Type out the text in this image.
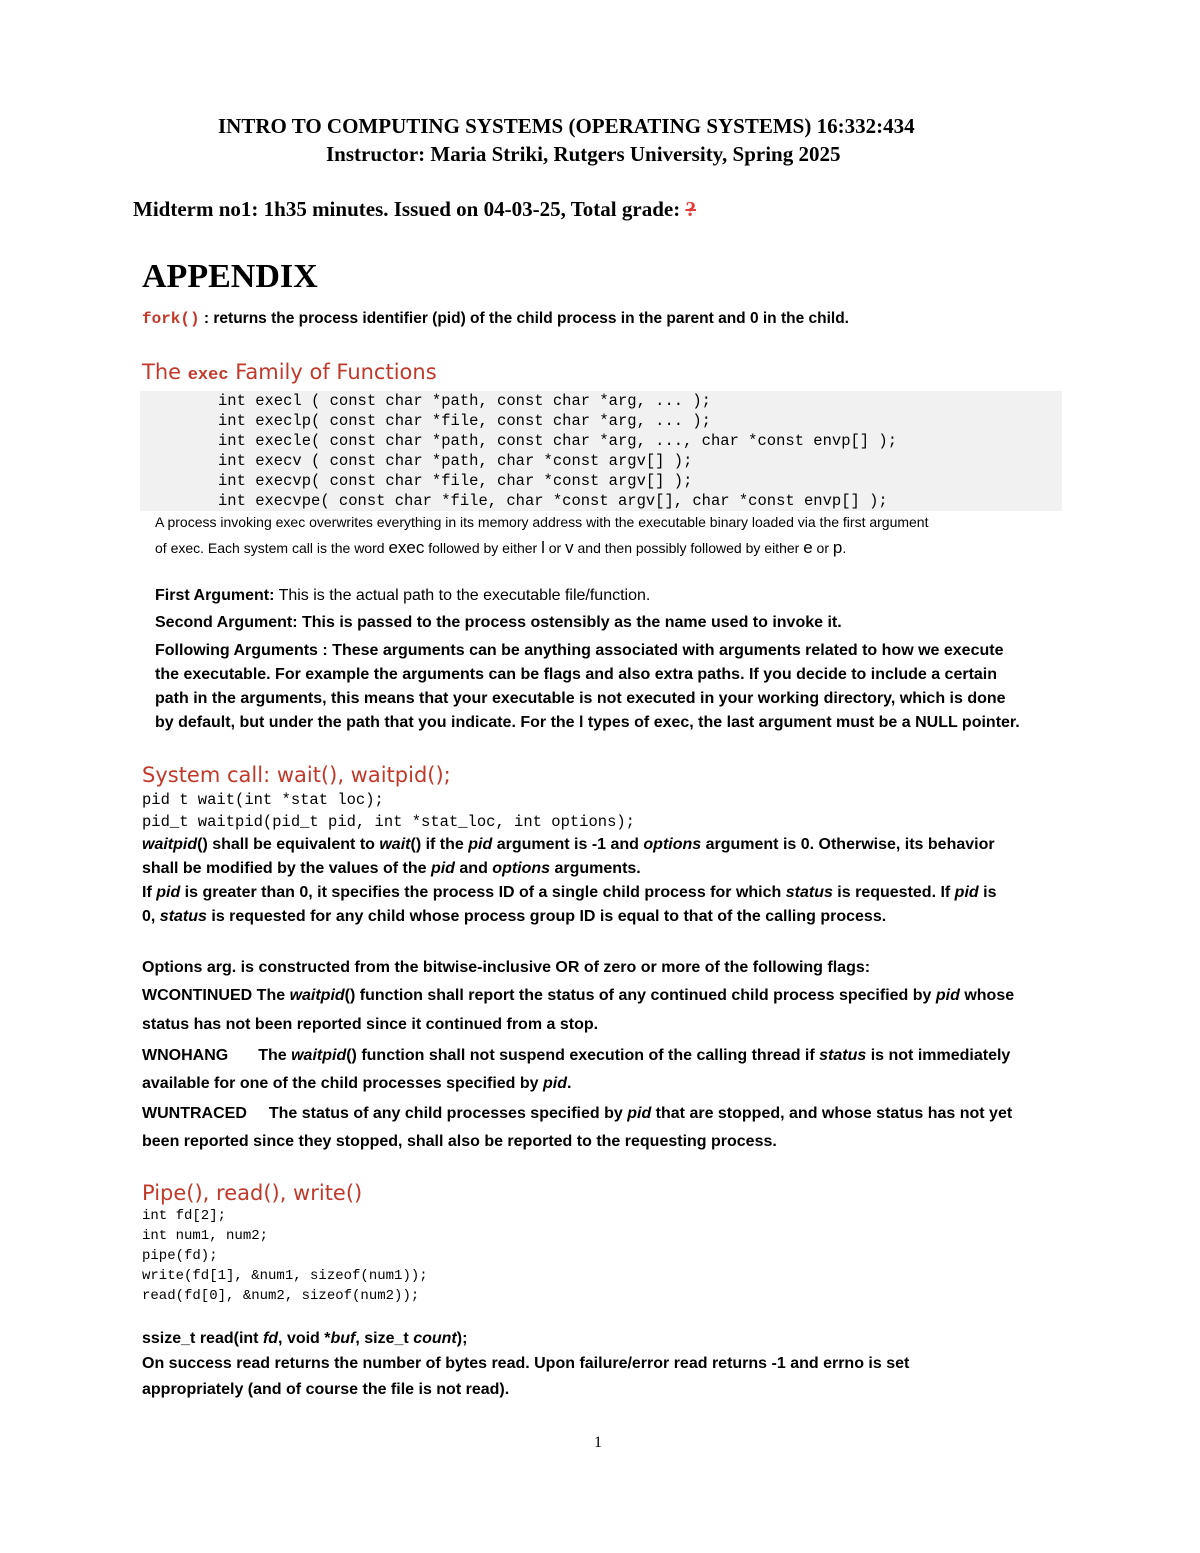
INTRO TO COMPUTING SYSTEMS (OPERATING SYSTEMS) 16:332:434
Instructor: Maria Striki, Rutgers University, Spring 2025
Midterm no1: 1h35 minutes. Issued on 04-03-25, Total grade: ?
APPENDIX
fork() : returns the process identifier (pid) of the child process in the parent and 0 in the child.
The exec Family of Functions
int execl ( const char *path, const char *arg, ... );
int execlp( const char *file, const char *arg, ... );
int execle( const char *path, const char *arg, ..., char *const envp[] );
int execv ( const char *path, char *const argv[] );
int execvp( const char *file, char *const argv[] );
int execvpe( const char *file, char *const argv[], char *const envp[] );
A process invoking exec overwrites everything in its memory address with the executable binary loaded via the first argument
of exec. Each system call is the word exec followed by either l or v and then possibly followed by either e or p.
First Argument: This is the actual path to the executable file/function.
Second Argument: This is passed to the process ostensibly as the name used to invoke it.
Following Arguments : These arguments can be anything associated with arguments related to how we execute
the executable. For example the arguments can be flags and also extra paths. If you decide to include a certain
path in the arguments, this means that your executable is not executed in your working directory, which is done
by default, but under the path that you indicate. For the l types of exec, the last argument must be a NULL pointer.
System call: wait(), waitpid();
pid t wait(int *stat loc);
pid_t waitpid(pid_t pid, int *stat_loc, int options);
waitpid() shall be equivalent to wait() if the pid argument is -1 and options argument is 0. Otherwise, its behavior
shall be modified by the values of the pid and options arguments.
If pid is greater than 0, it specifies the process ID of a single child process for which status is requested. If pid is
0, status is requested for any child whose process group ID is equal to that of the calling process.
Options arg. is constructed from the bitwise-inclusive OR of zero or more of the following flags:
WCONTINUED The waitpid() function shall report the status of any continued child process specified by pid whose
status has not been reported since it continued from a stop.
WNOHANG The waitpid() function shall not suspend execution of the calling thread if status is not immediately
available for one of the child processes specified by pid.
WUNTRACED The status of any child processes specified by pid that are stopped, and whose status has not yet
been reported since they stopped, shall also be reported to the requesting process.
Pipe(), read(), write()
int fd[2];
int num1, num2;
pipe(fd);
write(fd[1], &num1, sizeof(num1));
read(fd[0], &num2, sizeof(num2));
ssize_t read(int fd, void *buf, size_t count);
On success read returns the number of bytes read. Upon failure/error read returns -1 and errno is set
appropriately (and of course the file is not read).
1
